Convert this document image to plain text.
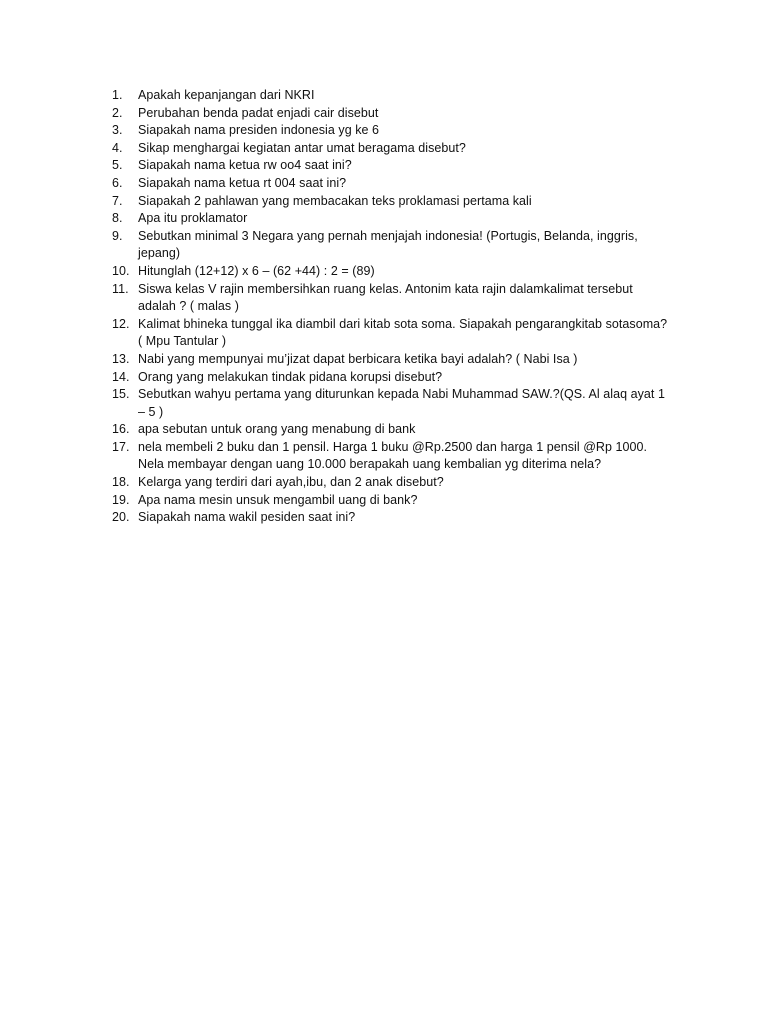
1.	Apakah kepanjangan dari NKRI
2.	Perubahan benda padat enjadi cair disebut
3.	Siapakah nama presiden indonesia yg ke 6
4.	Sikap menghargai kegiatan antar umat beragama disebut?
5.	Siapakah nama ketua rw oo4 saat ini?
6.	Siapakah nama ketua rt 004 saat ini?
7.	Siapakah 2 pahlawan yang membacakan teks proklamasi pertama kali
8.	Apa itu proklamator
9.	Sebutkan minimal 3 Negara yang pernah menjajah indonesia! (Portugis, Belanda, inggris, jepang)
10. Hitunglah (12+12) x 6 – (62 +44) : 2 = (89)
11. Siswa kelas V rajin membersihkan ruang kelas. Antonim kata rajin dalamkalimat tersebut adalah ? ( malas )
12. Kalimat bhineka tunggal ika diambil dari kitab sota soma. Siapakah pengarangkitab sotasoma? ( Mpu Tantular )
13. Nabi yang mempunyai mu’jizat dapat berbicara ketika bayi adalah? ( Nabi Isa )
14. Orang yang melakukan tindak pidana korupsi disebut?
15. Sebutkan wahyu pertama yang diturunkan kepada Nabi Muhammad SAW.?(QS. Al alaq ayat 1 – 5 )
16. apa sebutan untuk orang yang menabung di bank
17. nela membeli 2 buku dan 1 pensil. Harga 1 buku @Rp.2500 dan harga 1 pensil @Rp 1000. Nela membayar dengan uang 10.000 berapakah uang kembalian yg diterima nela?
18. Kelarga yang terdiri dari ayah,ibu, dan 2 anak disebut?
19. Apa nama mesin unsuk mengambil uang di bank?
20. Siapakah nama wakil pesiden saat ini?
